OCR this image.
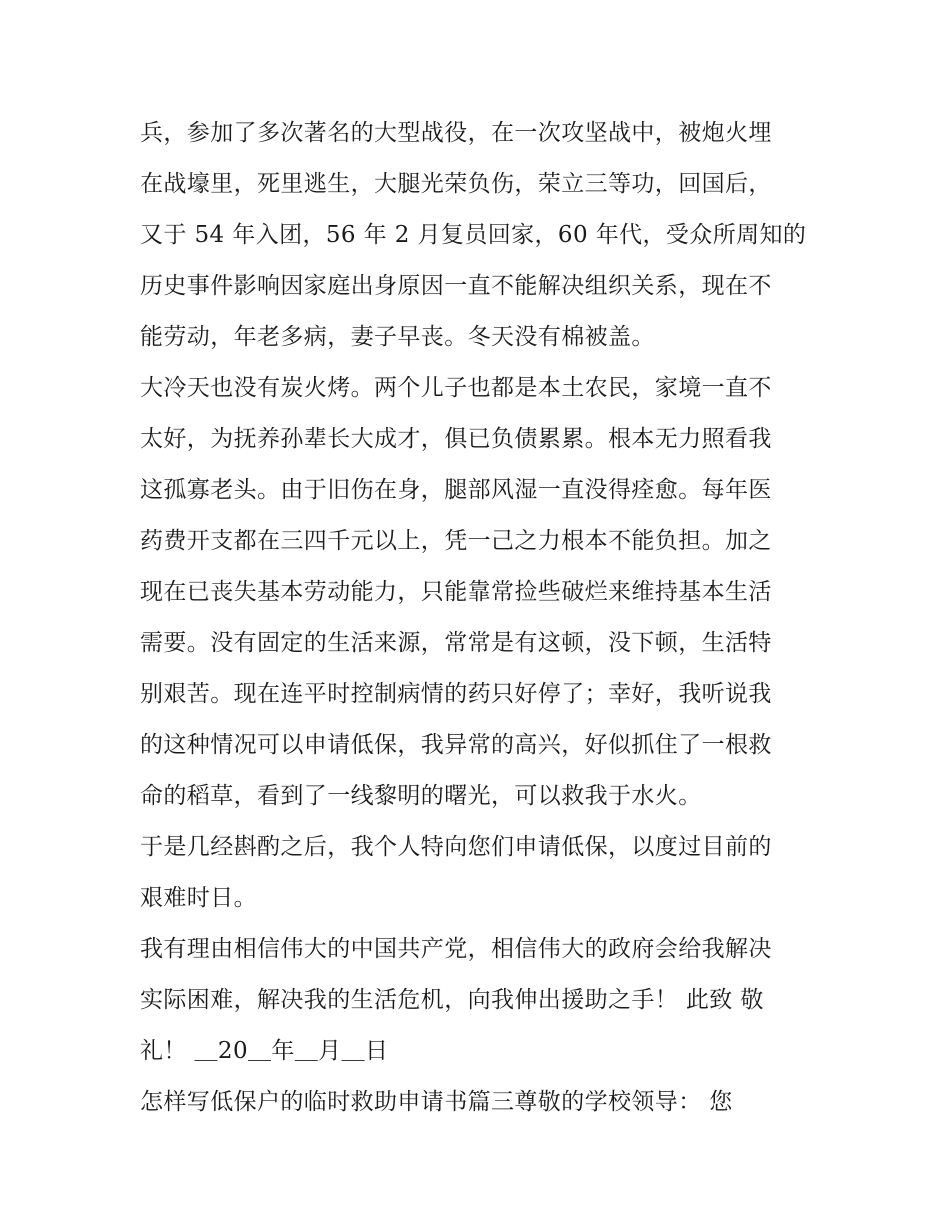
兵，参加了多次著名的大型战役，在一次攻坚战中，被炮火埋
在战壕里，死里逃生，大腿光荣负伤，荣立三等功，回国后，
又于 54 年入团，56 年 2 月复员回家，60 年代，受众所周知的
历史事件影响因家庭出身原因一直不能解决组织关系，现在不
能劳动，年老多病，妻子早丧。冬天没有棉被盖。
大冷天也没有炭火烤。两个儿子也都是本土农民，家境一直不
太好，为抚养孙辈长大成才，俱已负债累累。根本无力照看我
这孤寡老头。由于旧伤在身，腿部风湿一直没得痊愈。每年医
药费开支都在三四千元以上，凭一己之力根本不能负担。加之
现在已丧失基本劳动能力，只能靠常捡些破烂来维持基本生活
需要。没有固定的生活来源，常常是有这顿，没下顿，生活特
别艰苦。现在连平时控制病情的药只好停了；幸好，我听说我
的这种情况可以申请低保，我异常的高兴，好似抓住了一根救
命的稻草，看到了一线黎明的曙光，可以救我于水火。
于是几经斟酌之后，我个人特向您们申请低保，以度过目前的
艰难时日。
我有理由相信伟大的中国共产党，相信伟大的政府会给我解决
实际困难，解决我的生活危机，向我伸出援助之手！ 此致 敬
礼！ ＿20＿年＿月＿日
怎样写低保户的临时救助申请书篇三尊敬的学校领导： 您
